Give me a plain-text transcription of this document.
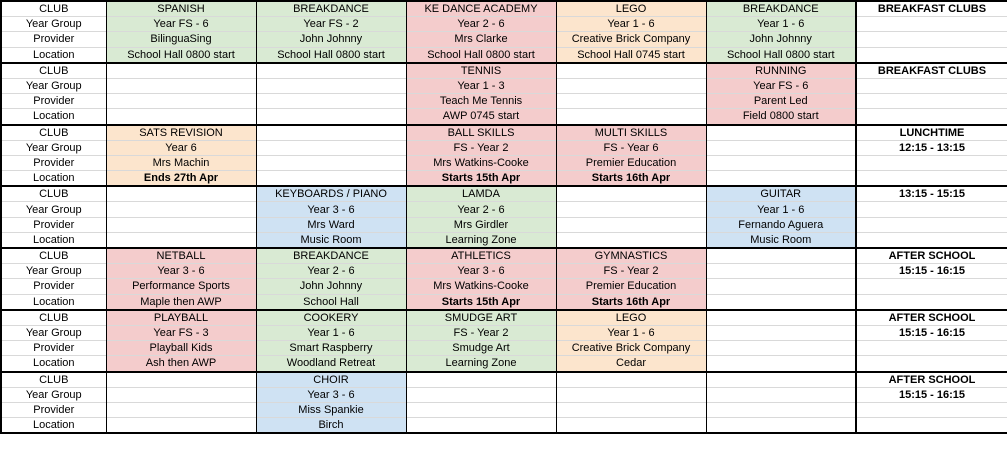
CLUB	SPANISH	BREAKDANCE	KE DANCE ACADEMY	LEGO	BREAKDANCE	BREAKFAST CLUBS
Year Group	Year FS - 6	Year FS - 2	Year 2 - 6	Year 1 - 6	Year 1 - 6	
Provider	BilinguaSing	John Johnny	Mrs Clarke	Creative Brick Company	John Johnny	
Location	School Hall 0800 start	School Hall 0800 start	School Hall 0800 start	School Hall 0745 start	School Hall 0800 start	
CLUB			TENNIS		RUNNING	BREAKFAST CLUBS
Year Group			Year 1 - 3		Year FS - 6	
Provider			Teach Me Tennis		Parent Led	
Location			AWP 0745 start		Field 0800 start	
CLUB	SATS REVISION		BALL SKILLS	MULTI SKILLS		LUNCHTIME
Year Group	Year 6		FS - Year 2	FS - Year 6		12:15 - 13:15
Provider	Mrs Machin		Mrs Watkins-Cooke	Premier Education		
Location	Ends 27th Apr		Starts 15th Apr	Starts 16th Apr		
CLUB		KEYBOARDS / PIANO	LAMDA		GUITAR	13:15 - 15:15
Year Group		Year 3 - 6	Year 2 - 6		Year 1 - 6	
Provider		Mrs Ward	Mrs Girdler		Fernando Aguera	
Location		Music Room	Learning Zone		Music Room	
CLUB	NETBALL	BREAKDANCE	ATHLETICS	GYMNASTICS		AFTER SCHOOL
Year Group	Year 3 - 6	Year 2 - 6	Year 3 - 6	FS - Year 2		15:15 - 16:15
Provider	Performance Sports	John Johnny	Mrs Watkins-Cooke	Premier Education		
Location	Maple then AWP	School Hall	Starts 15th Apr	Starts 16th Apr		
CLUB	PLAYBALL	COOKERY	SMUDGE ART	LEGO		AFTER SCHOOL
Year Group	Year FS - 3	Year 1 - 6	FS - Year 2	Year 1 - 6		15:15 - 16:15
Provider	Playball Kids	Smart Raspberry	Smudge Art	Creative Brick Company		
Location	Ash then AWP	Woodland Retreat	Learning Zone	Cedar		
CLUB		CHOIR				AFTER SCHOOL
Year Group		Year 3 - 6				15:15 - 16:15
Provider		Miss Spankie				
Location		Birch				
